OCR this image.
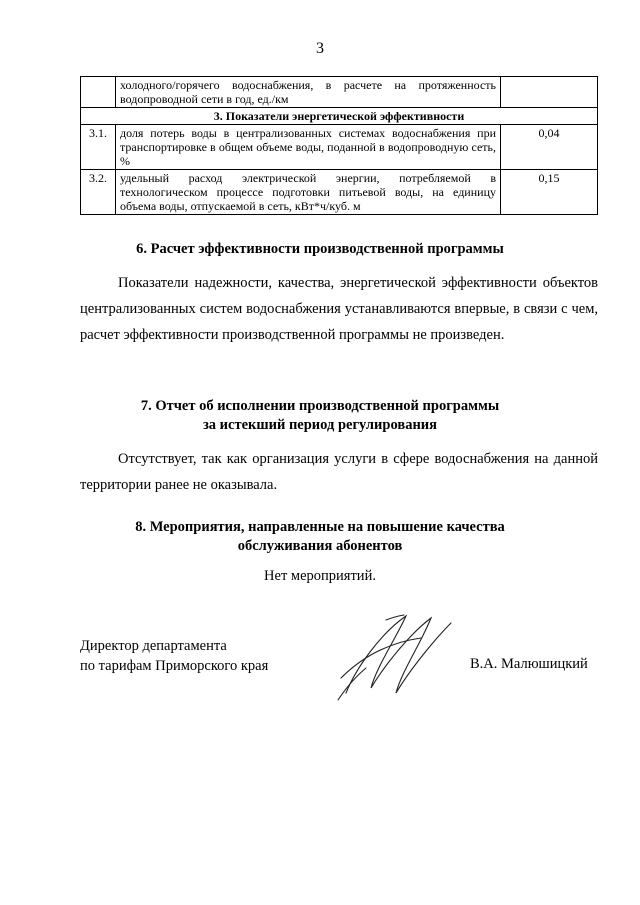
3
	холодного/горячего водоснабжения, в расчете на протяженность водопроводной сети в год, ед./км	
3. Показатели энергетической эффективности		
3.1.	доля потерь воды в централизованных системах водоснабжения при транспортировке в общем объеме воды, поданной в водопроводную сеть, %	0,04
3.2.	удельный расход электрической энергии, потребляемой в технологическом процессе подготовки питьевой воды, на единицу объема воды, отпускаемой в сеть, кВт*ч/куб. м	0,15
6. Расчет эффективности производственной программы
Показатели надежности, качества, энергетической эффективности объектов централизованных систем водоснабжения устанавливаются впервые, в связи с чем, расчет эффективности производственной программы не произведен.
7. Отчет об исполнении производственной программы
за истекший период регулирования
Отсутствует, так как организация услуги в сфере водоснабжения на данной территории ранее не оказывала.
8. Мероприятия, направленные на повышение качества
обслуживания абонентов
Нет мероприятий.
Директор департамента
по тарифам Приморского края	В.А. Малюшицкий
